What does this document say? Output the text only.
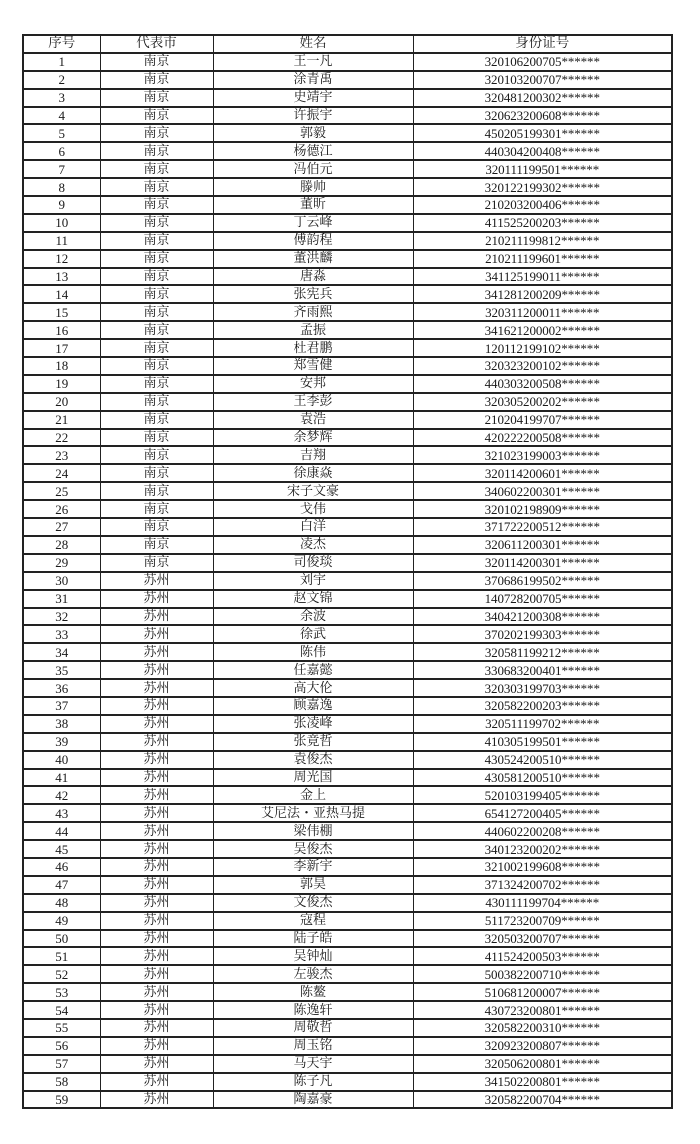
序号	代表市	姓名	身份证号
1	南京	王一凡	320106200705******
2	南京	涂青禹	320103200707******
3	南京	史靖宇	320481200302******
4	南京	许振宇	320623200608******
5	南京	郭毅	450205199301******
6	南京	杨德江	440304200408******
7	南京	冯伯元	320111199501******
8	南京	滕帅	320122199302******
9	南京	董昕	210203200406******
10	南京	丁云峰	411525200203******
11	南京	傅韵程	210211199812******
12	南京	董洪麟	210211199601******
13	南京	唐淼	341125199011******
14	南京	张宪兵	341281200209******
15	南京	齐雨熙	320311200011******
16	南京	孟振	341621200002******
17	南京	杜君鹏	120112199102******
18	南京	郑雪健	320323200102******
19	南京	安邦	440303200508******
20	南京	王李彭	320305200202******
21	南京	袁浩	210204199707******
22	南京	余梦辉	420222200508******
23	南京	吉翔	321023199003******
24	南京	徐康焱	320114200601******
25	南京	宋子文豪	340602200301******
26	南京	戈伟	320102198909******
27	南京	白洋	371722200512******
28	南京	凌杰	320611200301******
29	南京	司俊琰	320114200301******
30	苏州	刘宇	370686199502******
31	苏州	赵文锦	140728200705******
32	苏州	余波	340421200308******
33	苏州	徐武	370202199303******
34	苏州	陈伟	320581199212******
35	苏州	任嘉懿	330683200401******
36	苏州	高大伦	320303199703******
37	苏州	顾嘉逸	320582200203******
38	苏州	张凌峰	320511199702******
39	苏州	张竟哲	410305199501******
40	苏州	袁俊杰	430524200510******
41	苏州	周光国	430581200510******
42	苏州	金上	520103199405******
43	苏州	艾尼法・亚热马提	654127200405******
44	苏州	梁伟棚	440602200208******
45	苏州	吴俊杰	340123200202******
46	苏州	李新宇	321002199608******
47	苏州	郭昊	371324200702******
48	苏州	文俊杰	430111199704******
49	苏州	寇程	511723200709******
50	苏州	陆子皓	320503200707******
51	苏州	吴钟灿	411524200503******
52	苏州	左骏杰	500382200710******
53	苏州	陈鳌	510681200007******
54	苏州	陈逸轩	430723200801******
55	苏州	周敬哲	320582200310******
56	苏州	周玉铭	320923200807******
57	苏州	马天宇	320506200801******
58	苏州	陈子凡	341502200801******
59	苏州	陶嘉豪	320582200704******
